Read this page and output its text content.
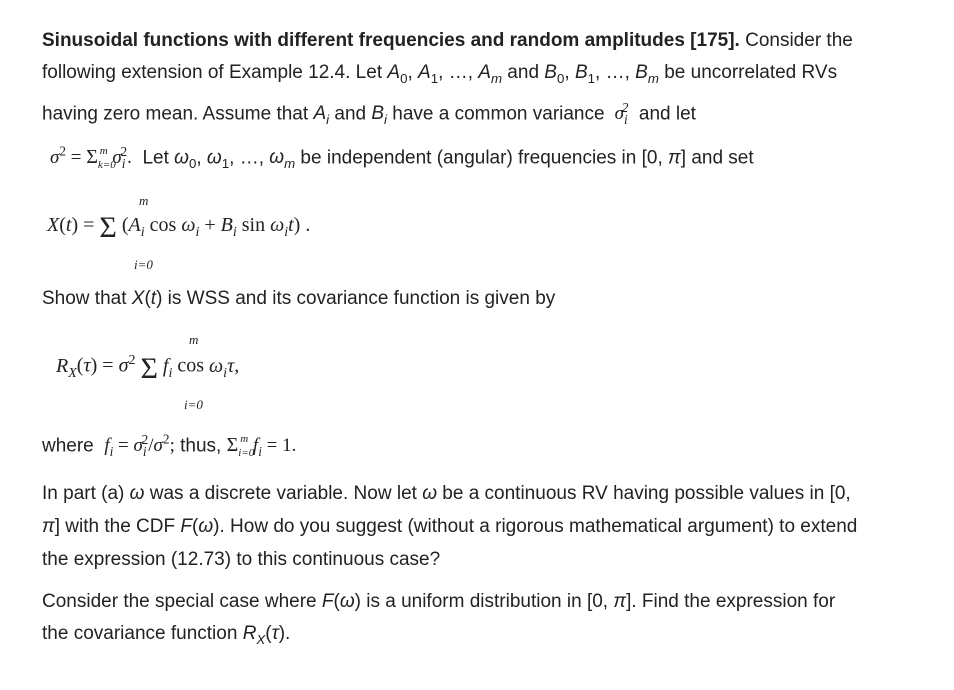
Sinusoidal functions with different frequencies and random amplitudes [175]. Consider the
following extension of Example 12.4. Let $A_0$, $A_1$, …, $A_m$ and $B_0$, $B_1$, …, $B_m$ be uncorrelated RVs
having zero mean. Assume that $A_i$ and $B_i$ have a common variance  $\sigma_i^2$  and let
$\sigma^2 = \Sigma_{k=0}^m$ $\sigma_i^2$.  Let $\omega_0$, $\omega_1$, …, $\omega_m$ be independent (angular) frequencies in [0, π] and set
m
X(t) = Σ ($A_i$ $\cos \omega_i + B_i$ $\sin \omega_it$) .
i=0
Show that X(t) is WSS and its covariance function is given by
m
$R_X(\tau) = \sigma^2$ Σ $f_i$ $\cos \omega_i\tau$,
i=0
where  $f_i = \sigma_i^2/\sigma^2$; thus, $\Sigma_{i=0}^m$ $f_i = 1$.
In part (a) ω was a discrete variable. Now let ω be a continuous RV having possible values in [0,
π] with the CDF F(ω). How do you suggest (without a rigorous mathematical argument) to extend
the expression (12.73) to this continuous case?
Consider the special case where F(ω) is a uniform distribution in [0, π]. Find the expression for
the covariance function $R_X(\tau)$.
